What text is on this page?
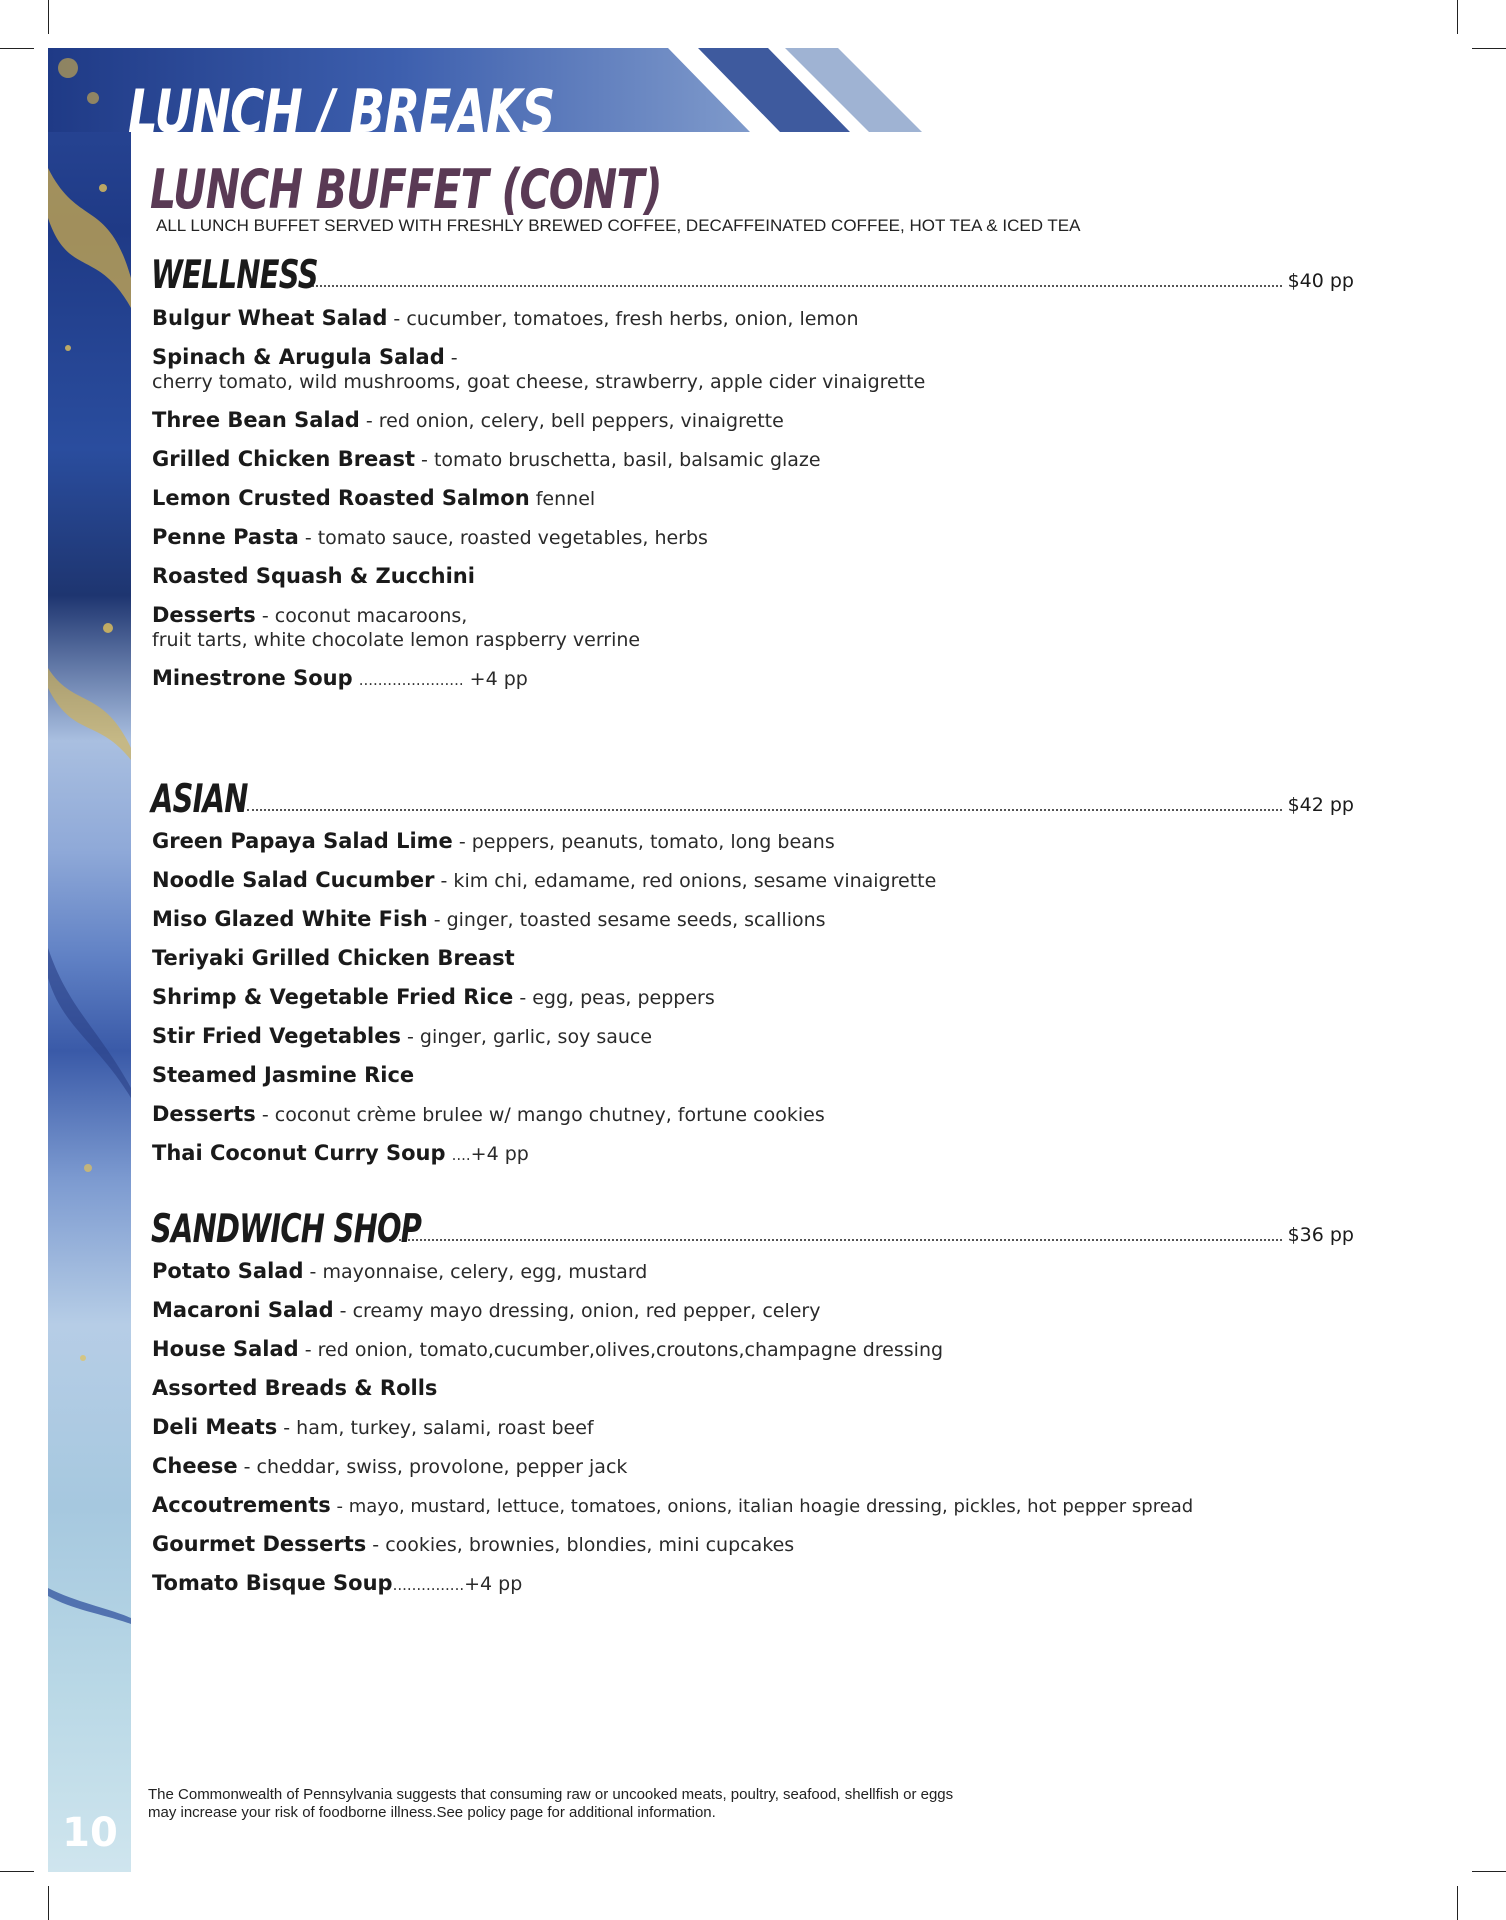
10
LUNCH / BREAKS
LUNCH BUFFET (CONT)
ALL LUNCH BUFFET SERVED WITH FRESHLY BREWED COFFEE, DECAFFEINATED COFFEE, HOT TEA & ICED TEA
WELLNESS	$40 pp
Bulgur Wheat Salad - cucumber, tomatoes, fresh herbs, onion, lemon
Spinach & Arugula Salad -
cherry tomato, wild mushrooms, goat cheese, strawberry, apple cider vinaigrette
Three Bean Salad - red onion, celery, bell peppers, vinaigrette
Grilled Chicken Breast - tomato bruschetta, basil, balsamic glaze
Lemon Crusted Roasted Salmon fennel
Penne Pasta - tomato sauce, roasted vegetables, herbs
Roasted Squash & Zucchini
Desserts - coconut macaroons,
fruit tarts, white chocolate lemon raspberry verrine
Minestrone Soup ...................... +4 pp
ASIAN	$42 pp
Green Papaya Salad Lime - peppers, peanuts, tomato, long beans
Noodle Salad Cucumber - kim chi, edamame, red onions, sesame vinaigrette
Miso Glazed White Fish - ginger, toasted sesame seeds, scallions
Teriyaki Grilled Chicken Breast
Shrimp & Vegetable Fried Rice - egg, peas, peppers
Stir Fried Vegetables - ginger, garlic, soy sauce
Steamed Jasmine Rice
Desserts - coconut crème brulee w/ mango chutney, fortune cookies
Thai Coconut Curry Soup ....+4 pp
SANDWICH SHOP	$36 pp
Potato Salad - mayonnaise, celery, egg, mustard
Macaroni Salad - creamy mayo dressing, onion, red pepper, celery
House Salad - red onion, tomato,cucumber,olives,croutons,champagne dressing
Assorted Breads & Rolls
Deli Meats - ham, turkey, salami, roast beef
Cheese - cheddar, swiss, provolone, pepper jack
Accoutrements - mayo, mustard, lettuce, tomatoes, onions, italian hoagie dressing, pickles, hot pepper spread
Gourmet Desserts - cookies, brownies, blondies, mini cupcakes
Tomato Bisque Soup...............+4 pp
The Commonwealth of Pennsylvania suggests that consuming raw or uncooked meats, poultry, seafood, shellfish or eggs
may increase your risk of foodborne illness.See policy page for additional information.
